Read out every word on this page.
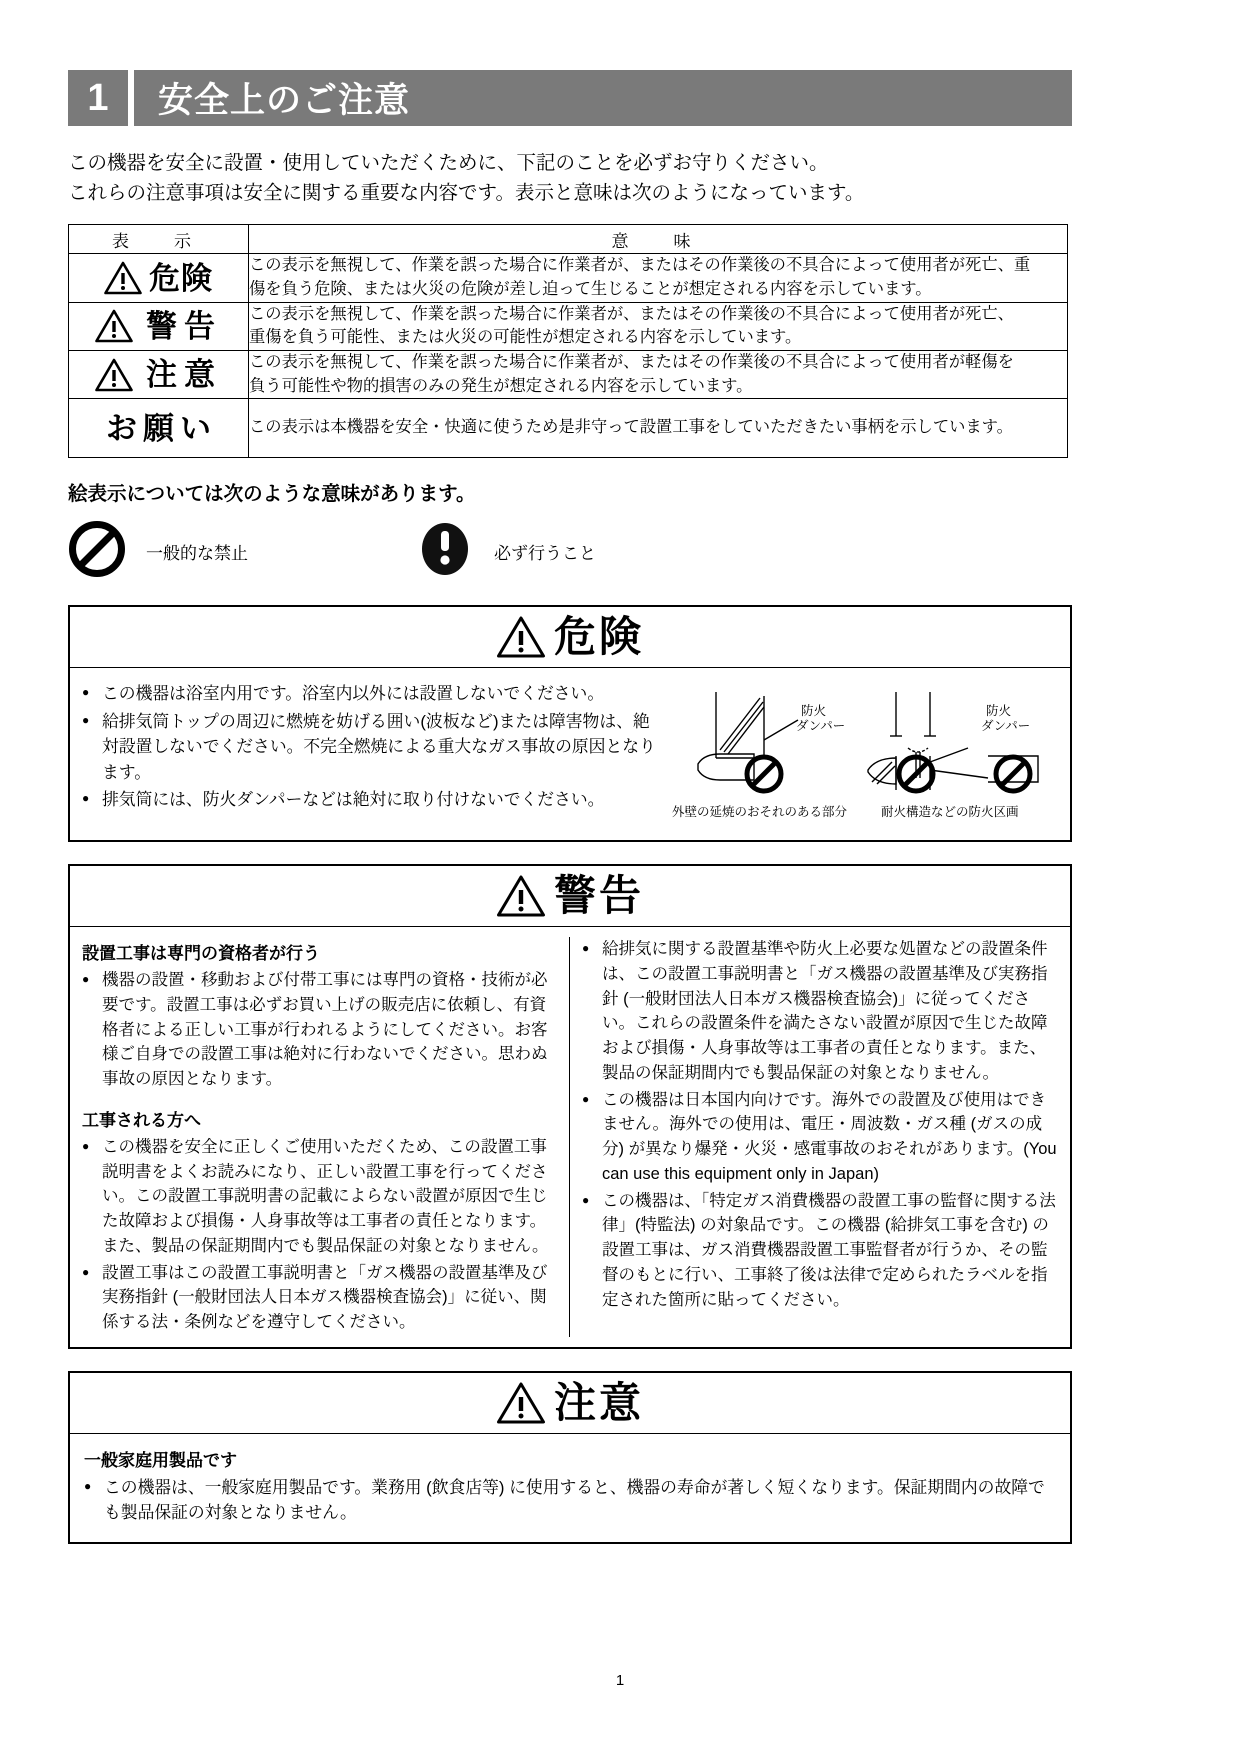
1	安全上のご注意
この機器を安全に設置・使用していただくために、下記のことを必ずお守りください。
これらの注意事項は安全に関する重要な内容です。表示と意味は次のようになっています。
表　示	意　味

危険	この表示を無視して、作業を誤った場合に作業者が、またはその作業後の不具合によって使用者が死亡、重
傷を負う危険、または火災の危険が差し迫って生じることが想定される内容を示しています。

警告	この表示を無視して、作業を誤った場合に作業者が、またはその作業後の不具合によって使用者が死亡、
重傷を負う可能性、または火災の可能性が想定される内容を示しています。

注意	この表示を無視して、作業を誤った場合に作業者が、またはその作業後の不具合によって使用者が軽傷を
負う可能性や物的損害のみの発生が想定される内容を示しています。

お願い	この表示は本機器を安全・快適に使うため是非守って設置工事をしていただきたい事柄を示しています。
絵表示については次のような意味があります。
一般的な禁止	必ず行うこと
危険
● この機器は浴室内用です。浴室内以外には設置しないでください。
● 給排気筒トップの周辺に燃焼を妨げる囲い(波板など)または障害物は、絶対設置しないでください。不完全燃焼による重大なガス事故の原因となります。
● 排気筒には、防火ダンパーなどは絶対に取り付けないでください。
防火
ダンパー
防火
ダンパー
外壁の延焼のおそれのある部分	耐火構造などの防火区画
警告
設置工事は専門の資格者が行う
● 機器の設置・移動および付帯工事には専門の資格・技術が必要です。設置工事は必ずお買い上げの販売店に依頼し、有資格者による正しい工事が行われるようにしてください。お客様ご自身での設置工事は絶対に行わないでください。思わぬ事故の原因となります。
工事される方へ
● この機器を安全に正しくご使用いただくため、この設置工事説明書をよくお読みになり、正しい設置工事を行ってください。この設置工事説明書の記載によらない設置が原因で生じた故障および損傷・人身事故等は工事者の責任となります。また、製品の保証期間内でも製品保証の対象となりません。
● 設置工事はこの設置工事説明書と「ガス機器の設置基準及び実務指針 (一般財団法人日本ガス機器検査協会)」に従い、関係する法・条例などを遵守してください。
● 給排気に関する設置基準や防火上必要な処置などの設置条件は、この設置工事説明書と「ガス機器の設置基準及び実務指針 (一般財団法人日本ガス機器検査協会)」に従ってください。これらの設置条件を満たさない設置が原因で生じた故障および損傷・人身事故等は工事者の責任となります。また、製品の保証期間内でも製品保証の対象となりません。
● この機器は日本国内向けです。海外での設置及び使用はできません。海外での使用は、電圧・周波数・ガス種 (ガスの成分) が異なり爆発・火災・感電事故のおそれがあります。(You can use this equipment only in Japan)
● この機器は、「特定ガス消費機器の設置工事の監督に関する法律」(特監法) の対象品です。この機器 (給排気工事を含む) の設置工事は、ガス消費機器設置工事監督者が行うか、その監督のもとに行い、工事終了後は法律で定められたラベルを指定された箇所に貼ってください。
注意
一般家庭用製品です
● この機器は、一般家庭用製品です。業務用 (飲食店等) に使用すると、機器の寿命が著しく短くなります。保証期間内の故障でも製品保証の対象となりません。
1
